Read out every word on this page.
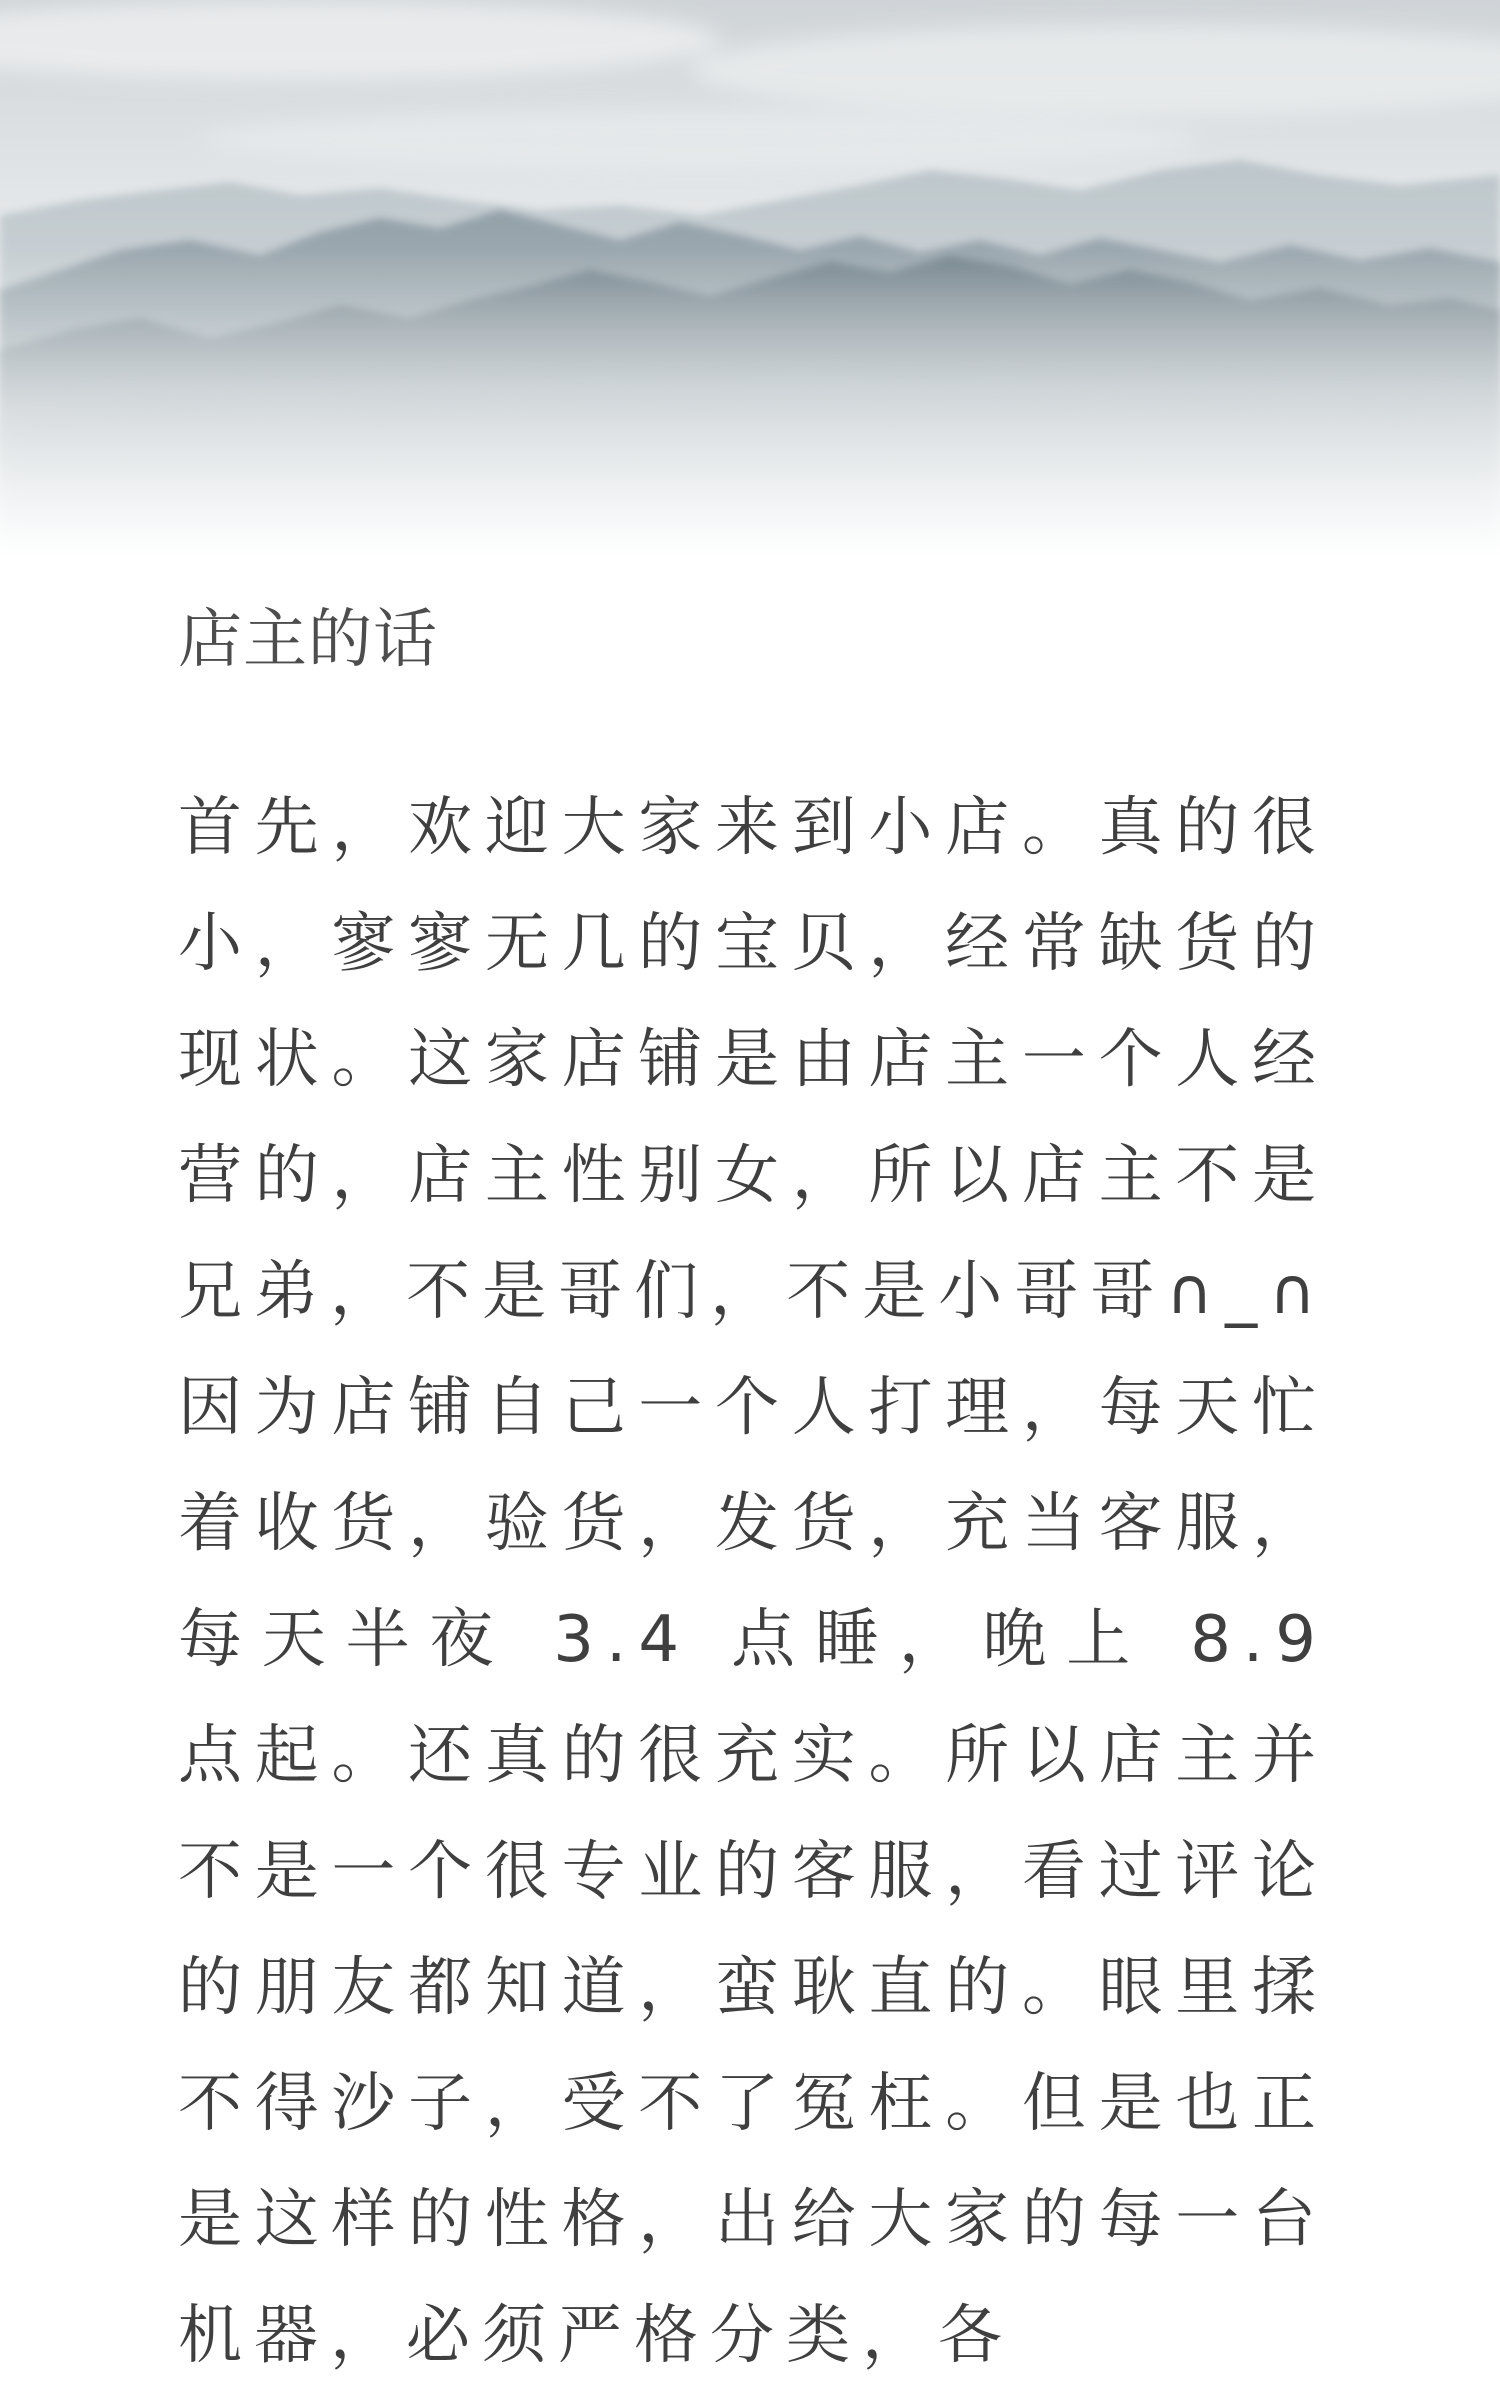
店主的话

首先，欢迎大家来到小店。真的很小，寥寥无几的宝贝，经常缺货的现状。这家店铺是由店主一个人经营的，店主性别女，所以店主不是兄弟，不是哥们，不是小哥哥∩_∩　因为店铺自己一个人打理，每天忙着收货，验货，发货，充当客服，每天半夜 3.4 点睡，晚上 8.9 点起。还真的很充实。所以店主并不是一个很专业的客服，看过评论的朋友都知道，蛮耿直的。眼里揉不得沙子，受不了冤枉。但是也正是这样的性格，出给大家的每一台机器，必须严格分类，各
